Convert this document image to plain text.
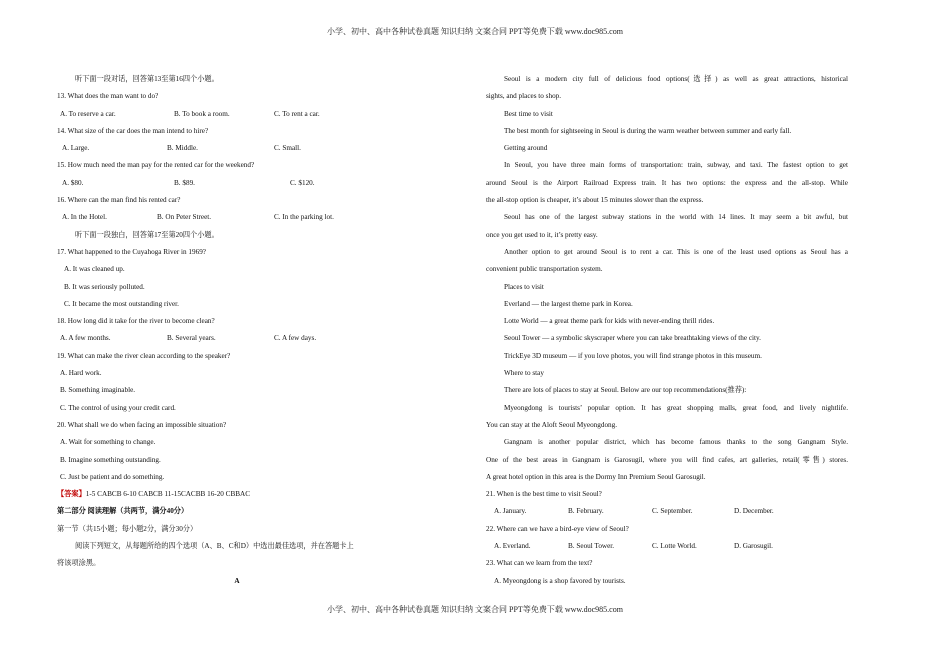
小学、初中、高中各种试卷真题 知识归纳 文案合同 PPT等免费下载 www.doc985.com

听下面一段对话，回答第13至第16四个小题。

13. What does the man want to do?

A. To reserve a car.	B. To book a room.	C. To rent a car.

14. What size of the car does the man intend to hire?

A. Large.	B. Middle.	C. Small.

15. How much need the man pay for the rented car for the weekend?

A. $80.	B. $89.	C. $120.

16. Where can the man find his rented car?

A. In the Hotel.	B. On Peter Street.	C. In the parking lot.

听下面一段独白，回答第17至第20四个小题。

17. What happened to the Cuyahoga River in 1969?

A. It was cleaned up.

B. It was seriously polluted.

C. It became the most outstanding river.

18. How long did it take for the river to become clean?

A. A few months.	B. Several years.	C. A few days.

19. What can make the river clean according to the speaker?

A. Hard work.

B. Something imaginable.

C. The control of using your credit card.

20. What shall we do when facing an impossible situation?

A. Wait for something to change.

B. Imagine something outstanding.

C. Just be patient and do something.

【答案】1-5 CABCB 6-10 CABCB 11-15CACBB 16-20 CBBAC

第二部分 阅读理解（共两节，满分40分）

第一节（共15小题；每小题2分，满分30分）

阅读下列短文，从每题所给的四个选项（A、B、C和D）中选出最佳选项，并在答题卡上

将该项涂黑。

A

Seoul is a modern city full of delicious food options(选择) as well as great attractions, historical

sights, and places to shop.

Best time to visit

The best month for sightseeing in Seoul is during the warm weather between summer and early fall.

Getting around

In Seoul, you have three main forms of transportation: train, subway, and taxi. The fastest option to get

around Seoul is the Airport Railroad Express train. It has two options: the express and the all-stop. While

the all-stop option is cheaper, it’s about 15 minutes slower than the express.

Seoul has one of the largest subway stations in the world with 14 lines. It may seem a bit awful, but

once you get used to it, it’s pretty easy.

Another option to get around Seoul is to rent a car. This is one of the least used options as Seoul has a

convenient public transportation system.

Places to visit

Everland — the largest theme park in Korea.

Lotte World — a great theme park for kids with never-ending thrill rides.

Seoul Tower — a symbolic skyscraper where you can take breathtaking views of the city.

TrickEye 3D museum — if you love photos, you will find strange photos in this museum.

Where to stay

There are lots of places to stay at Seoul. Below are our top recommendations(推荐):

Myeongdong is tourists’ popular option. It has great shopping malls, great food, and lively nightlife.

You can stay at the Aloft Seoul Myeongdong.

Gangnam is another popular district, which has become famous thanks to the song Gangnam Style.

One of the best areas in Gangnam is Garosugil, where you will find cafes, art galleries, retail(零售) stores.

A great hotel option in this area is the Dormy Inn Premium Seoul Garosugil.

21. When is the best time to visit Seoul?

A. January.	B. February.	C. September.	D. December.

22. Where can we have a bird-eye view of Seoul?

A. Everland.	B. Seoul Tower.	C. Lotte World.	D. Garosugil.

23. What can we learn from the text?

A. Myeongdong is a shop favored by tourists.

小学、初中、高中各种试卷真题 知识归纳 文案合同 PPT等免费下载 www.doc985.com
